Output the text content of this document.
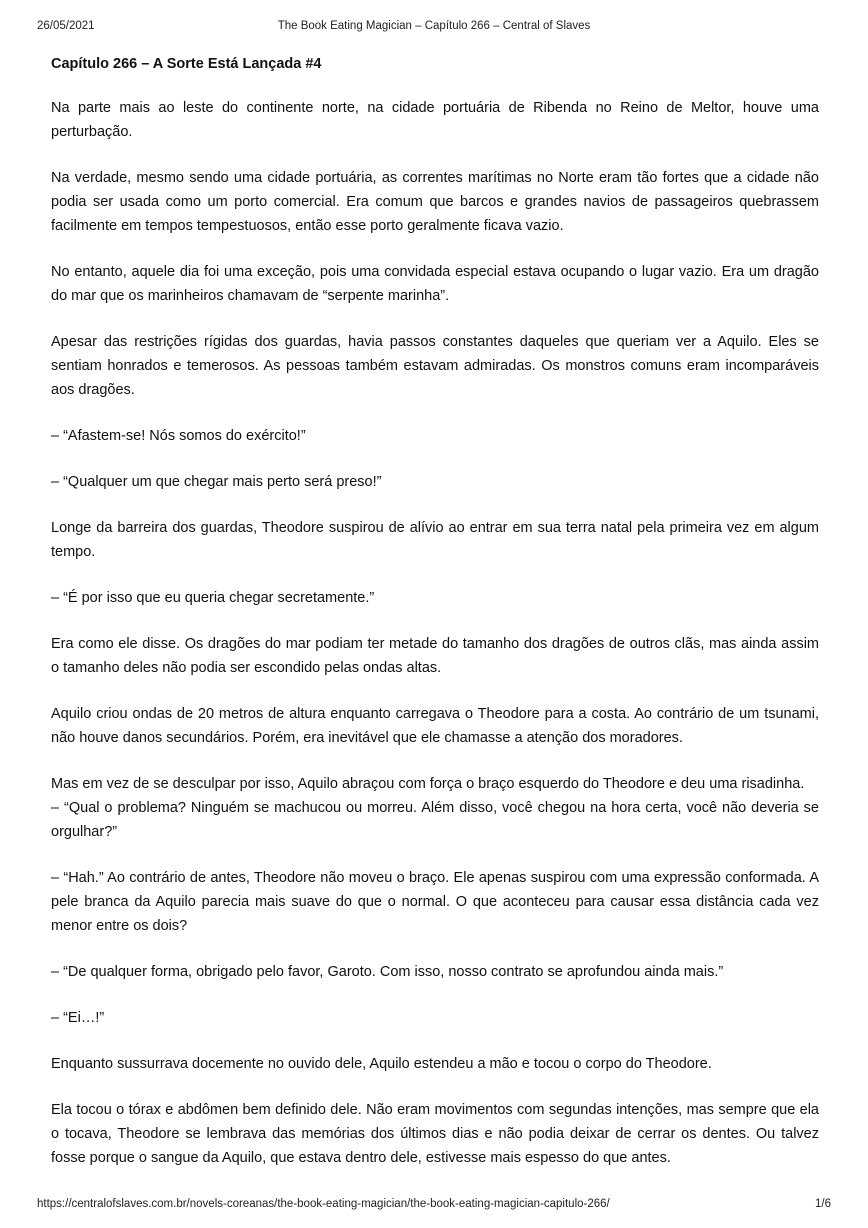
26/05/2021	The Book Eating Magician – Capítulo 266 – Central of Slaves
Capítulo 266 – A Sorte Está Lançada #4

Na parte mais ao leste do continente norte, na cidade portuária de Ribenda no Reino de Meltor, houve uma perturbação.

Na verdade, mesmo sendo uma cidade portuária, as correntes marítimas no Norte eram tão fortes que a cidade não podia ser usada como um porto comercial. Era comum que barcos e grandes navios de passageiros quebrassem facilmente em tempos tempestuosos, então esse porto geralmente ficava vazio.

No entanto, aquele dia foi uma exceção, pois uma convidada especial estava ocupando o lugar vazio. Era um dragão do mar que os marinheiros chamavam de “serpente marinha”.

Apesar das restrições rígidas dos guardas, havia passos constantes daqueles que queriam ver a Aquilo. Eles se sentiam honrados e temerosos. As pessoas também estavam admiradas. Os monstros comuns eram incomparáveis aos dragões.

– “Afastem-se! Nós somos do exército!”

– “Qualquer um que chegar mais perto será preso!”

Longe da barreira dos guardas, Theodore suspirou de alívio ao entrar em sua terra natal pela primeira vez em algum tempo.

– “É por isso que eu queria chegar secretamente.”

Era como ele disse. Os dragões do mar podiam ter metade do tamanho dos dragões de outros clãs, mas ainda assim o tamanho deles não podia ser escondido pelas ondas altas.

Aquilo criou ondas de 20 metros de altura enquanto carregava o Theodore para a costa. Ao contrário de um tsunami, não houve danos secundários. Porém, era inevitável que ele chamasse a atenção dos moradores.

Mas em vez de se desculpar por isso, Aquilo abraçou com força o braço esquerdo do Theodore e deu uma risadinha.

– “Qual o problema? Ninguém se machucou ou morreu. Além disso, você chegou na hora certa, você não deveria se orgulhar?”

– “Hah.” Ao contrário de antes, Theodore não moveu o braço. Ele apenas suspirou com uma expressão conformada. A pele branca da Aquilo parecia mais suave do que o normal. O que aconteceu para causar essa distância cada vez menor entre os dois?

– “De qualquer forma, obrigado pelo favor, Garoto. Com isso, nosso contrato se aprofundou ainda mais.”

– “Ei…!”

Enquanto sussurrava docemente no ouvido dele, Aquilo estendeu a mão e tocou o corpo do Theodore.

Ela tocou o tórax e abdômen bem definido dele. Não eram movimentos com segundas intenções, mas sempre que ela o tocava, Theodore se lembrava das memórias dos últimos dias e não podia deixar de cerrar os dentes. Ou talvez fosse porque o sangue da Aquilo, que estava dentro dele, estivesse mais espesso do que antes.

https://centralofslaves.com.br/novels-coreanas/the-book-eating-magician/the-book-eating-magician-capitulo-266/	1/6
